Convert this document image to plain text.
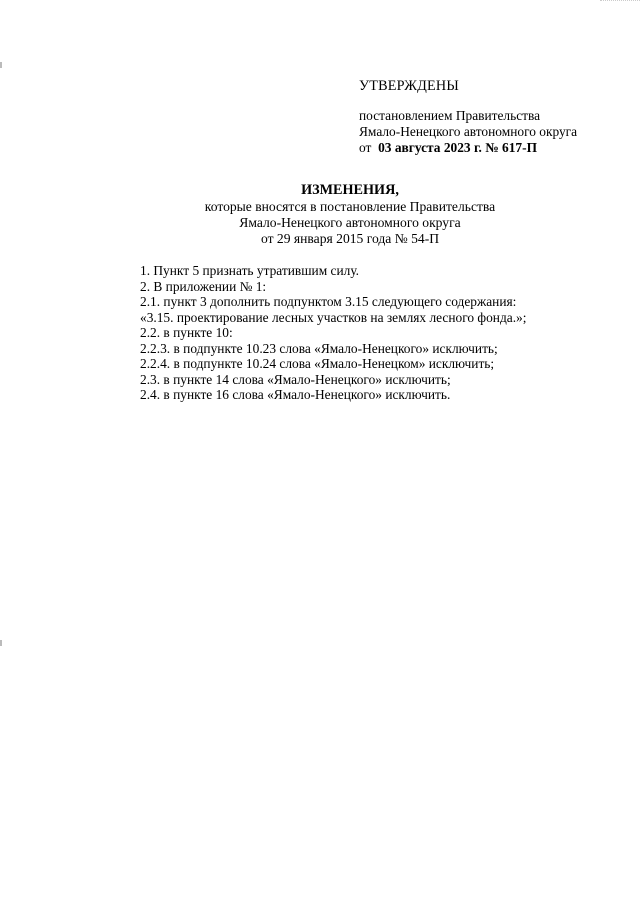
УТВЕРЖДЕНЫ
постановлением Правительства
Ямало-Ненецкого автономного округа
от 03 августа 2023 г. № 617-П
ИЗМЕНЕНИЯ,
которые вносятся в постановление Правительства
Ямало-Ненецкого автономного округа
от 29 января 2015 года № 54-П
1. Пункт 5 признать утратившим силу.
2. В приложении № 1:
2.1. пункт 3 дополнить подпунктом 3.15 следующего содержания:
«3.15. проектирование лесных участков на землях лесного фонда.»;
2.2. в пункте 10:
2.2.3. в подпункте 10.23 слова «Ямало-Ненецкого» исключить;
2.2.4. в подпункте 10.24 слова «Ямало-Ненецком» исключить;
2.3. в пункте 14 слова «Ямало-Ненецкого» исключить;
2.4. в пункте 16 слова «Ямало-Ненецкого» исключить.
